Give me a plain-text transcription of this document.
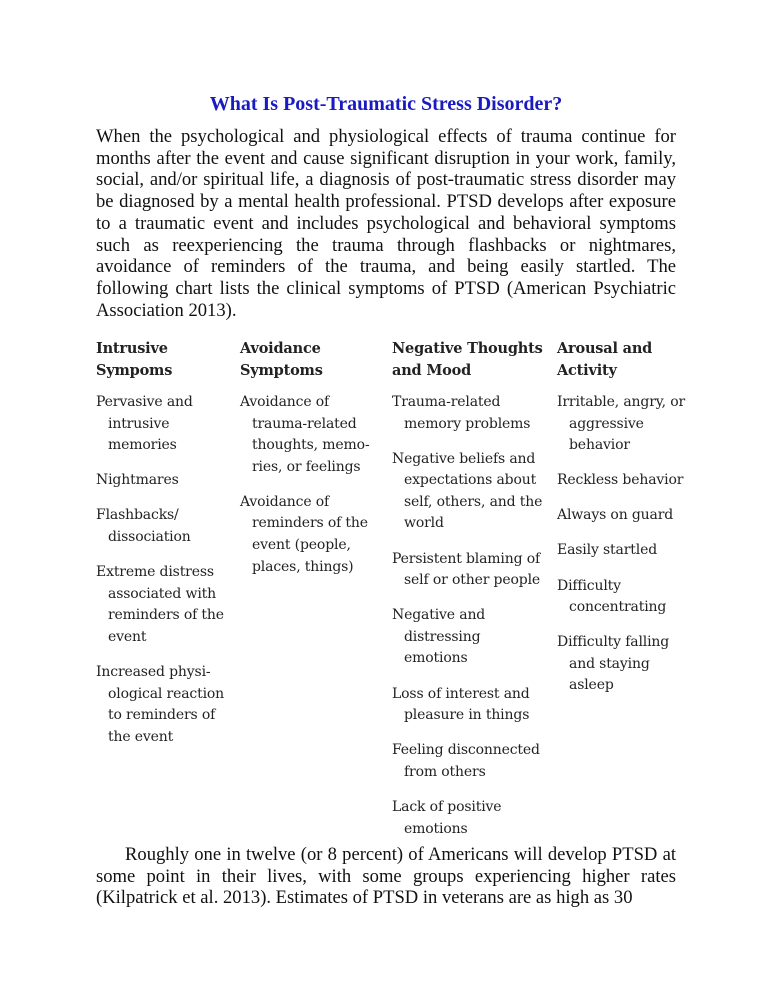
What Is Post-Traumatic Stress Disorder?

When the psychological and physiological effects of trauma continue for months after the event and cause significant disruption in your work, family, social, and/or spiritual life, a diagnosis of post-traumatic stress disorder may be diagnosed by a mental health professional. PTSD develops after exposure to a traumatic event and includes psychological and behavioral symptoms such as reexperiencing the trauma through flashbacks or nightmares, avoidance of reminders of the trauma, and being easily startled. The following chart lists the clinical symptoms of PTSD (American Psychiatric Association 2013).

Intrusive Sympoms

Pervasive and intrusive memories
Nightmares
Flashbacks/ dissociation
Extreme distress associated with reminders of the event
Increased physiological reaction to reminders of the event

Avoidance Symptoms

Avoidance of trauma-related thoughts, memories, or feelings
Avoidance of reminders of the event (people, places, things)

Negative Thoughts and Mood

Trauma-related memory problems
Negative beliefs and expectations about self, others, and the world
Persistent blaming of self or other people
Negative and distressing emotions
Loss of interest and pleasure in things
Feeling disconnected from others
Lack of positive emotions

Arousal and Activity

Irritable, angry, or aggressive behavior
Reckless behavior
Always on guard
Easily startled
Difficulty concentrating
Difficulty falling and staying asleep

Roughly one in twelve (or 8 percent) of Americans will develop PTSD at some point in their lives, with some groups experiencing higher rates (Kilpatrick et al. 2013). Estimates of PTSD in veterans are as high as 30
